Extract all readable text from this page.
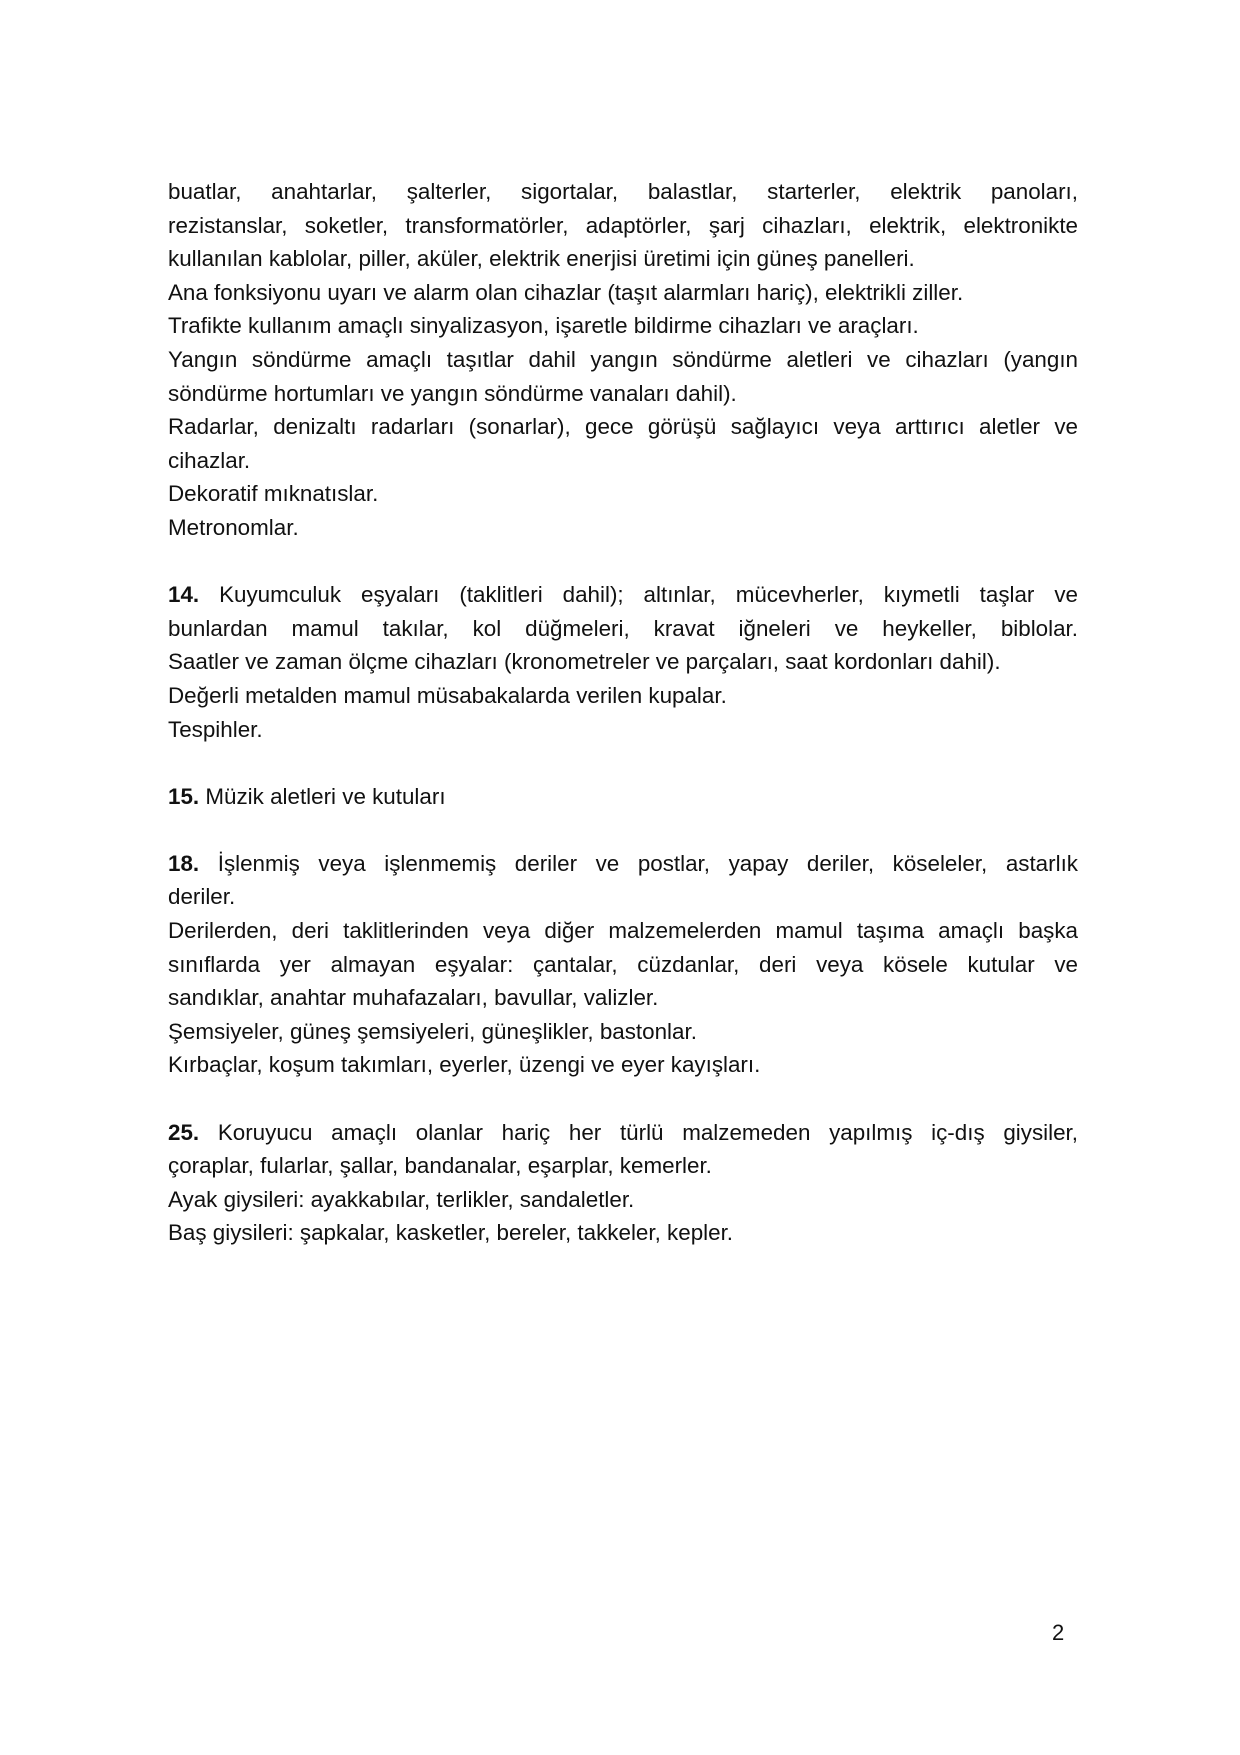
buatlar, anahtarlar, şalterler, sigortalar, balastlar, starterler, elektrik panoları,
rezistanslar, soketler, transformatörler, adaptörler, şarj cihazları, elektrik, elektronikte
kullanılan kablolar, piller, aküler, elektrik enerjisi üretimi için güneş panelleri.
Ana fonksiyonu uyarı ve alarm olan cihazlar (taşıt alarmları hariç), elektrikli ziller.
Trafikte kullanım amaçlı sinyalizasyon, işaretle bildirme cihazları ve araçları.
Yangın söndürme amaçlı taşıtlar dahil yangın söndürme aletleri ve cihazları (yangın
söndürme hortumları ve yangın söndürme vanaları dahil).
Radarlar, denizaltı radarları (sonarlar), gece görüşü sağlayıcı veya arttırıcı aletler ve
cihazlar.
Dekoratif mıknatıslar.
Metronomlar.
14. Kuyumculuk eşyaları (taklitleri dahil); altınlar, mücevherler, kıymetli taşlar ve
bunlardan mamul takılar, kol düğmeleri, kravat iğneleri ve heykeller, biblolar.
Saatler ve zaman ölçme cihazları (kronometreler ve parçaları, saat kordonları dahil).
Değerli metalden mamul müsabakalarda verilen kupalar.
Tespihler.
15. Müzik aletleri ve kutuları
18. İşlenmiş veya işlenmemiş deriler ve postlar, yapay deriler, köseleler, astarlık
deriler.
Derilerden, deri taklitlerinden veya diğer malzemelerden mamul taşıma amaçlı başka
sınıflarda yer almayan eşyalar: çantalar, cüzdanlar, deri veya kösele kutular ve
sandıklar, anahtar muhafazaları, bavullar, valizler.
Şemsiyeler, güneş şemsiyeleri, güneşlikler, bastonlar.
Kırbaçlar, koşum takımları, eyerler, üzengi ve eyer kayışları.
25. Koruyucu amaçlı olanlar hariç her türlü malzemeden yapılmış iç-dış giysiler,
çoraplar, fularlar, şallar, bandanalar, eşarplar, kemerler.
Ayak giysileri: ayakkabılar, terlikler, sandaletler.
Baş giysileri: şapkalar, kasketler, bereler, takkeler, kepler.
2
